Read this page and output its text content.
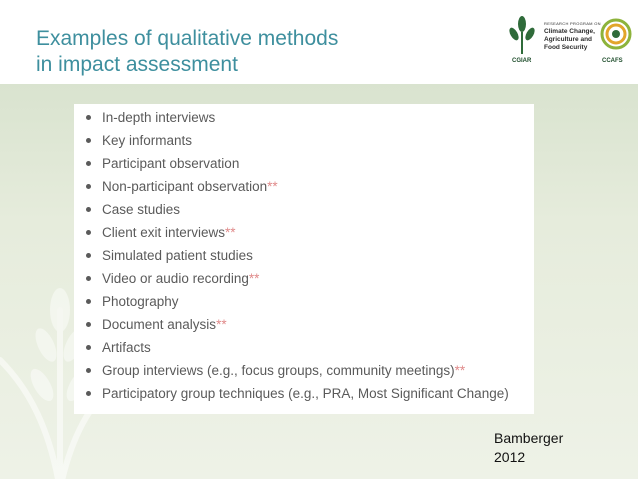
Examples of qualitative methods
in impact assessment	CGIAR
RESEARCH PROGRAM ON
Climate Change,
Agriculture and
Food Security
CCAFS
In-depth interviews
Key informants
Participant observation
Non-participant observation**
Case studies
Client exit interviews**
Simulated patient studies
Video or audio recording**
Photography
Document analysis**
Artifacts
Group interviews (e.g., focus groups, community meetings)**
Participatory group techniques (e.g., PRA, Most Significant Change)
Bamberger
2012
